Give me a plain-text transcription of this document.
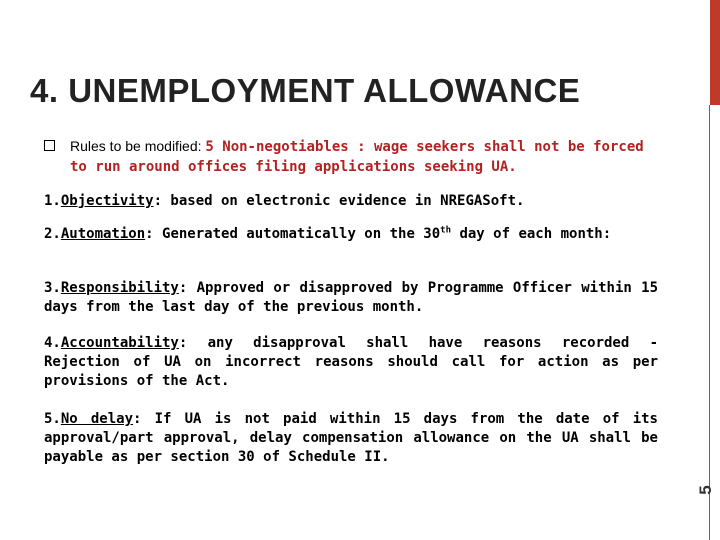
4. UNEMPLOYMENT ALLOWANCE
5
Rules to be modified: 5 Non-negotiables : wage seekers shall not be forced to run around offices filing applications seeking UA.

1.Objectivity: based on electronic evidence in NREGASoft.

2.Automation: Generated automatically on the 30th day of each month:

3.Responsibility: Approved or disapproved by Programme Officer within 15 days from the last day of the previous month.

4.Accountability: any disapproval shall have reasons recorded - Rejection of UA on incorrect reasons should call for action as per provisions of the Act.

5.No delay: If UA is not paid within 15 days from the date of its approval/part approval, delay compensation allowance on the UA shall be payable as per section 30 of Schedule II.
